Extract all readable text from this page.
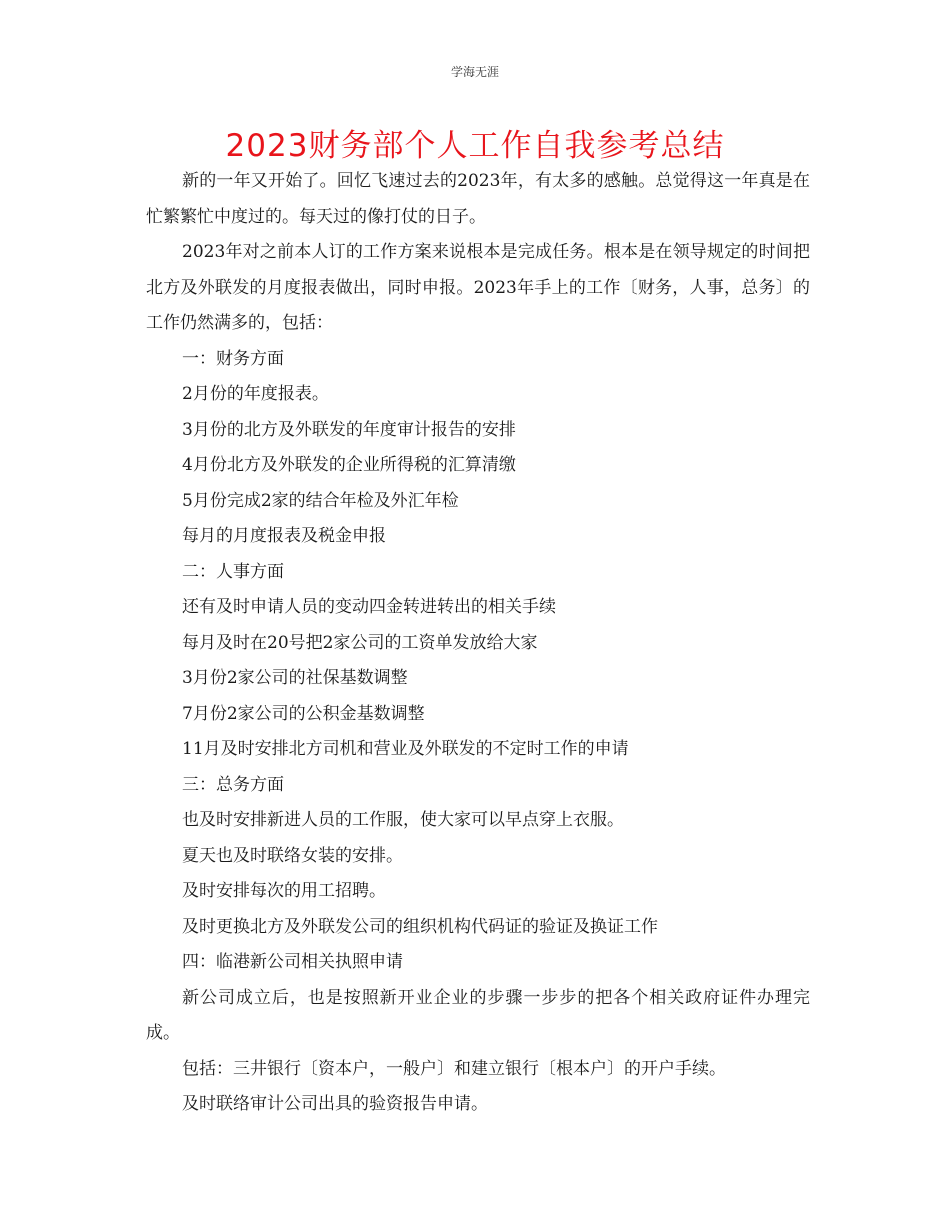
学海无涯
2023财务部个人工作自我参考总结

新的一年又开始了。回忆飞速过去的2023年，有太多的感触。总觉得这一年真是在忙繁繁忙中度过的。每天过的像打仗的日子。

2023年对之前本人订的工作方案来说根本是完成任务。根本是在领导规定的时间把北方及外联发的月度报表做出，同时申报。2023年手上的工作〔财务，人事，总务〕的工作仍然满多的，包括：

一：财务方面

2月份的年度报表。

3月份的北方及外联发的年度审计报告的安排

4月份北方及外联发的企业所得税的汇算清缴

5月份完成2家的结合年检及外汇年检

每月的月度报表及税金申报

二：人事方面

还有及时申请人员的变动四金转进转出的相关手续

每月及时在20号把2家公司的工资单发放给大家

3月份2家公司的社保基数调整

7月份2家公司的公积金基数调整

11月及时安排北方司机和营业及外联发的不定时工作的申请

三：总务方面

也及时安排新进人员的工作服，使大家可以早点穿上衣服。

夏天也及时联络女装的安排。

及时安排每次的用工招聘。

及时更换北方及外联发公司的组织机构代码证的验证及换证工作

四：临港新公司相关执照申请

新公司成立后，也是按照新开业企业的步骤一步步的把各个相关政府证件办理完成。

包括：三井银行〔资本户，一般户〕和建立银行〔根本户〕的开户手续。

及时联络审计公司出具的验资报告申请。
